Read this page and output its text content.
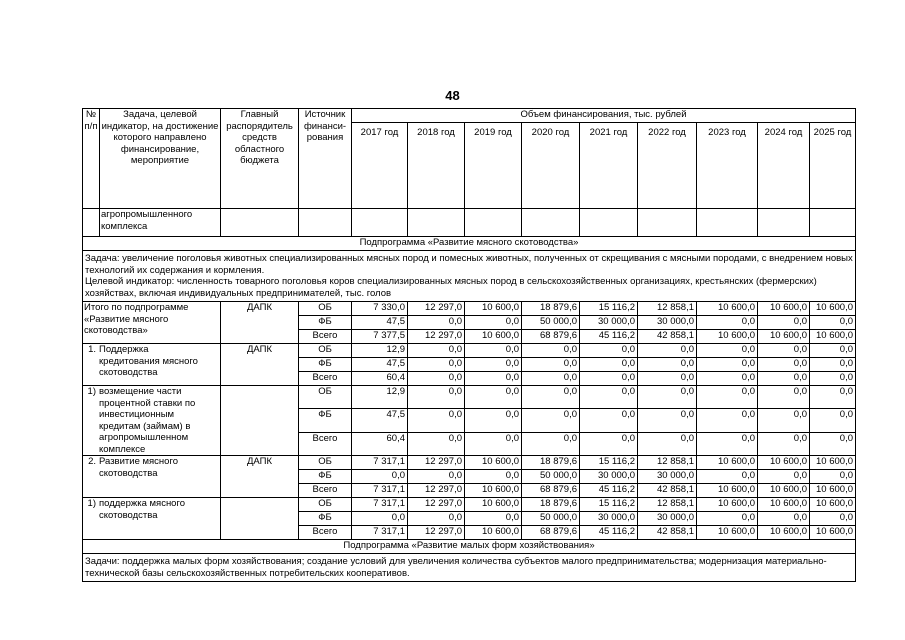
48
№ п/п	Задача, целевой индикатор, на достижение которого направлено финансирование, мероприятие	Главный распорядитель средств областного бюджета	Источник финанси-рования	Объем финансирования, тыс. рублей								
				2017 год	2018 год	2019 год	2020 год	2021 год	2022 год	2023 год	2024 год	2025 год
	агропромышленного комплекса											
Подпрограмма «Развитие мясного скотоводства»												

Задача: увеличение поголовья животных специализированных мясных пород и помесных животных, полученных от скрещивания с мясными породами, с внедрением новых технологий их содержания и кормления.
Целевой индикатор: численность товарного поголовья коров специализированных мясных пород в сельскохозяйственных организациях, крестьянских (фермерских) хозяйствах, включая индивидуальных предпринимателей, тыс. голов												

Итого по подпрограмме «Развитие мясного скотоводства»		ДАПК	ОБ	7 330,0	12 297,0	10 600,0	18 879,6	15 116,2	12 858,1	10 600,0	10 600,0	10 600,0
			ФБ	47,5	0,0	0,0	50 000,0	30 000,0	30 000,0	0,0	0,0	0,0
			Всего	7 377,5	12 297,0	10 600,0	68 879,6	45 116,2	42 858,1	10 600,0	10 600,0	10 600,0
1. Поддержка кредитования мясного скотоводства		ДАПК	ОБ	12,9	0,0	0,0	0,0	0,0	0,0	0,0	0,0	0,0
			ФБ	47,5	0,0	0,0	0,0	0,0	0,0	0,0	0,0	0,0
			Всего	60,4	0,0	0,0	0,0	0,0	0,0	0,0	0,0	0,0
1) возмещение части процентной ставки по инвестиционным кредитам (займам) в агропромышленном комплексе			ОБ	12,9	0,0	0,0	0,0	0,0	0,0	0,0	0,0	0,0
			ФБ	47,5	0,0	0,0	0,0	0,0	0,0	0,0	0,0	0,0
			Всего	60,4	0,0	0,0	0,0	0,0	0,0	0,0	0,0	0,0
2. Развитие мясного скотоводства		ДАПК	ОБ	7 317,1	12 297,0	10 600,0	18 879,6	15 116,2	12 858,1	10 600,0	10 600,0	10 600,0
			ФБ	0,0	0,0	0,0	50 000,0	30 000,0	30 000,0	0,0	0,0	0,0
			Всего	7 317,1	12 297,0	10 600,0	68 879,6	45 116,2	42 858,1	10 600,0	10 600,0	10 600,0
1) поддержка мясного скотоводства			ОБ	7 317,1	12 297,0	10 600,0	18 879,6	15 116,2	12 858,1	10 600,0	10 600,0	10 600,0
			ФБ	0,0	0,0	0,0	50 000,0	30 000,0	30 000,0	0,0	0,0	0,0
			Всего	7 317,1	12 297,0	10 600,0	68 879,6	45 116,2	42 858,1	10 600,0	10 600,0	10 600,0
Подпрограмма «Развитие малых форм хозяйствования»												
Задачи: поддержка малых форм хозяйствования; создание условий для увеличения количества субъектов малого предпринимательства; модернизация материально-технической базы сельскохозяйственных потребительских кооперативов.												
